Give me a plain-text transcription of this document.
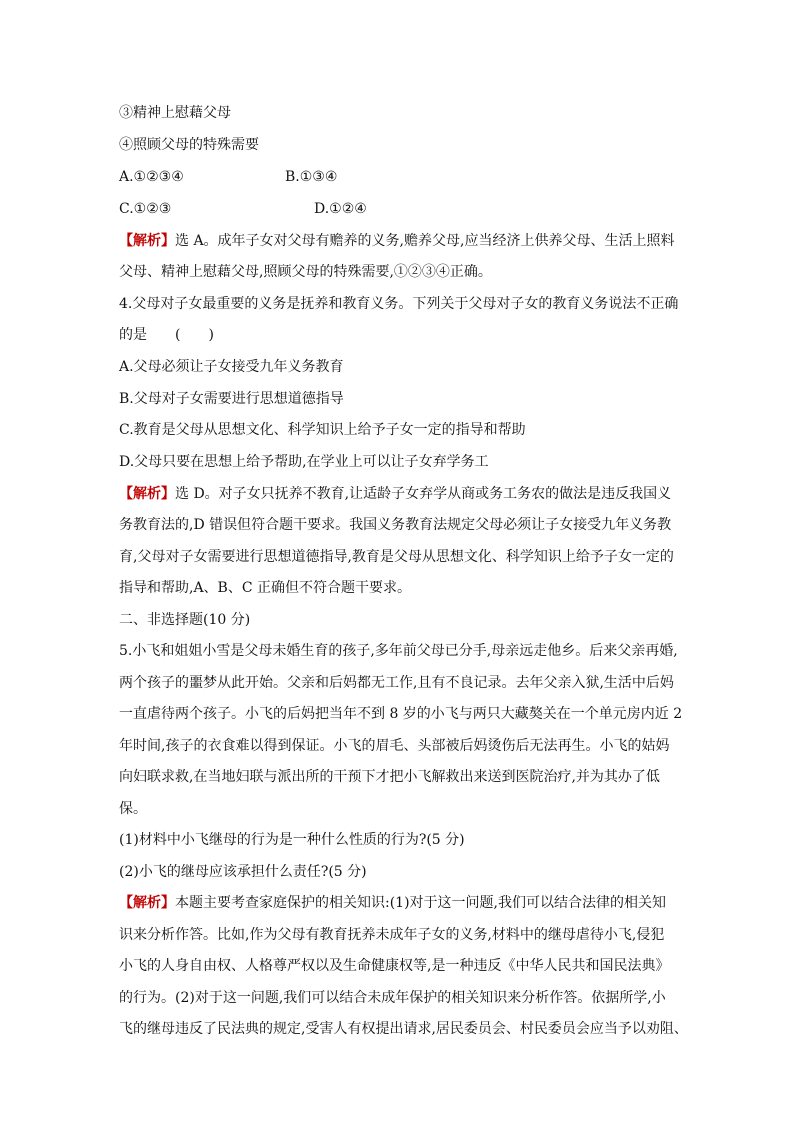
③精神上慰藉父母
④照顾父母的特殊需要
A.①②③④	B.①③④
C.①②③	D.①②④
【解析】选 A。成年子女对父母有赡养的义务,赡养父母,应当经济上供养父母、生活上照料
父母、精神上慰藉父母,照顾父母的特殊需要,①②③④正确。
4.父母对子女最重要的义务是抚养和教育义务。下列关于父母对子女的教育义务说法不正确
的是　　(　　)
A.父母必须让子女接受九年义务教育
B.父母对子女需要进行思想道德指导
C.教育是父母从思想文化、科学知识上给予子女一定的指导和帮助
D.父母只要在思想上给予帮助,在学业上可以让子女弃学务工
【解析】选 D。对子女只抚养不教育,让适龄子女弃学从商或务工务农的做法是违反我国义
务教育法的,D 错误但符合题干要求。我国义务教育法规定父母必须让子女接受九年义务教
育,父母对子女需要进行思想道德指导,教育是父母从思想文化、科学知识上给予子女一定的
指导和帮助,A、B、C 正确但不符合题干要求。
二、非选择题(10 分)
5.小飞和姐姐小雪是父母未婚生育的孩子,多年前父母已分手,母亲远走他乡。后来父亲再婚,
两个孩子的噩梦从此开始。父亲和后妈都无工作,且有不良记录。去年父亲入狱,生活中后妈
一直虐待两个孩子。小飞的后妈把当年不到 8 岁的小飞与两只大藏獒关在一个单元房内近 2
年时间,孩子的衣食难以得到保证。小飞的眉毛、头部被后妈烫伤后无法再生。小飞的姑妈
向妇联求救,在当地妇联与派出所的干预下才把小飞解救出来送到医院治疗,并为其办了低
保。
(1)材料中小飞继母的行为是一种什么性质的行为?(5 分)
(2)小飞的继母应该承担什么责任?(5 分)
【解析】本题主要考查家庭保护的相关知识:(1)对于这一问题,我们可以结合法律的相关知
识来分析作答。比如,作为父母有教育抚养未成年子女的义务,材料中的继母虐待小飞,侵犯
小飞的人身自由权、人格尊严权以及生命健康权等,是一种违反《中华人民共和国民法典》
的行为。(2)对于这一问题,我们可以结合未成年保护的相关知识来分析作答。依据所学,小
飞的继母违反了民法典的规定,受害人有权提出请求,居民委员会、村民委员会应当予以劝阻、
